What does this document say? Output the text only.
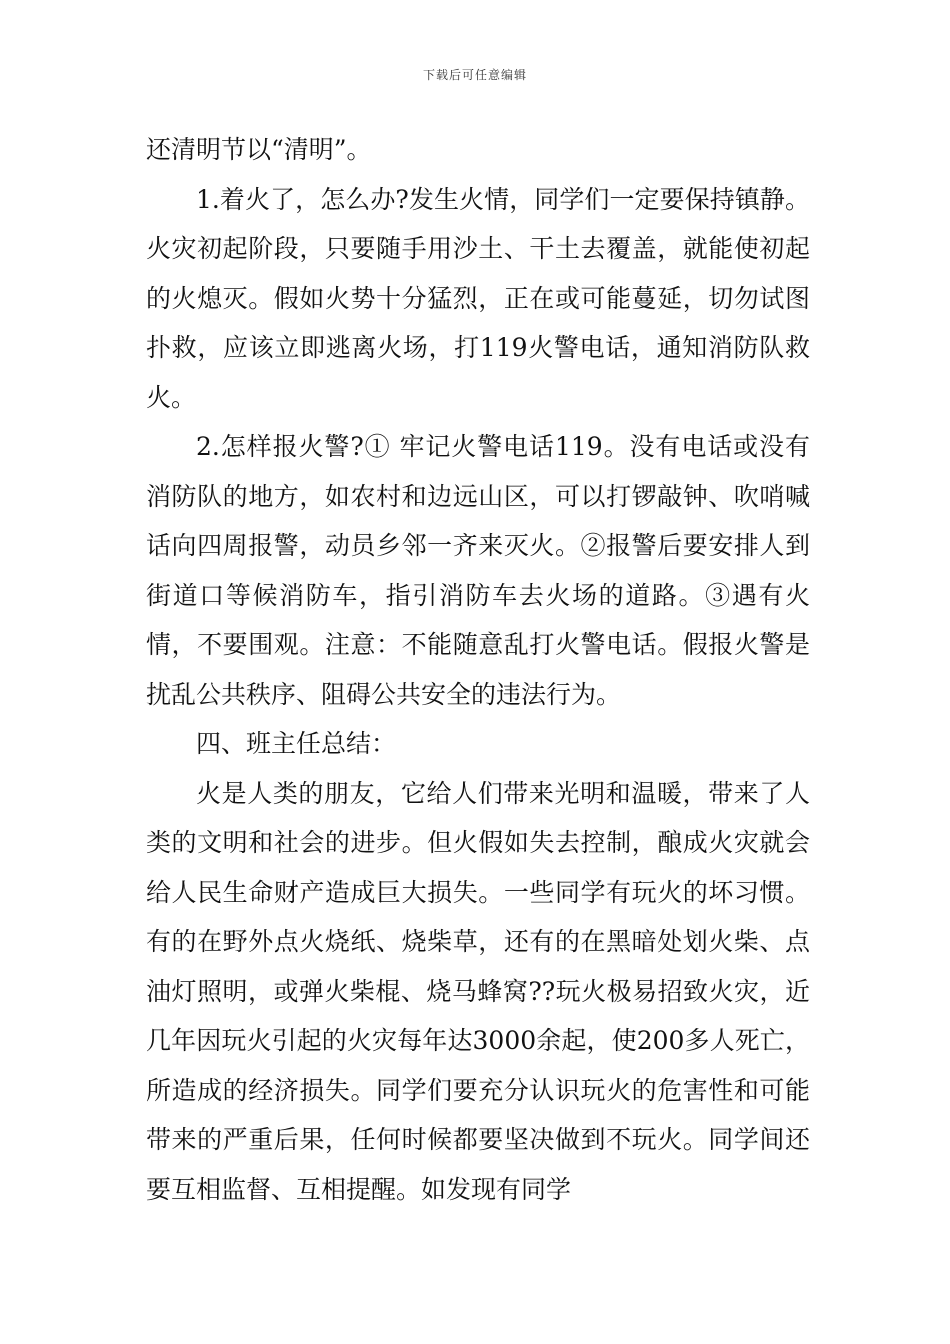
下载后可任意编辑

还清明节以“清明”。

1.着火了，怎么办?发生火情，同学们一定要保持镇静。火灾初起阶段，只要随手用沙土、干土去覆盖，就能使初起的火熄灭。假如火势十分猛烈，正在或可能蔓延，切勿试图扑救，应该立即逃离火场，打119火警电话，通知消防队救火。

2.怎样报火警?① 牢记火警电话119。没有电话或没有消防队的地方，如农村和边远山区，可以打锣敲钟、吹哨喊话向四周报警，动员乡邻一齐来灭火。②报警后要安排人到街道口等候消防车，指引消防车去火场的道路。③遇有火情，不要围观。注意：不能随意乱打火警电话。假报火警是扰乱公共秩序、阻碍公共安全的违法行为。

四、班主任总结：

火是人类的朋友，它给人们带来光明和温暖，带来了人类的文明和社会的进步。但火假如失去控制，酿成火灾就会给人民生命财产造成巨大损失。一些同学有玩火的坏习惯。有的在野外点火烧纸、烧柴草，还有的在黑暗处划火柴、点油灯照明，或弹火柴棍、烧马蜂窝??玩火极易招致火灾，近几年因玩火引起的火灾每年达3000余起，使200多人死亡，所造成的经济损失。同学们要充分认识玩火的危害性和可能带来的严重后果，任何时候都要坚决做到不玩火。同学间还要互相监督、互相提醒。如发现有同学
